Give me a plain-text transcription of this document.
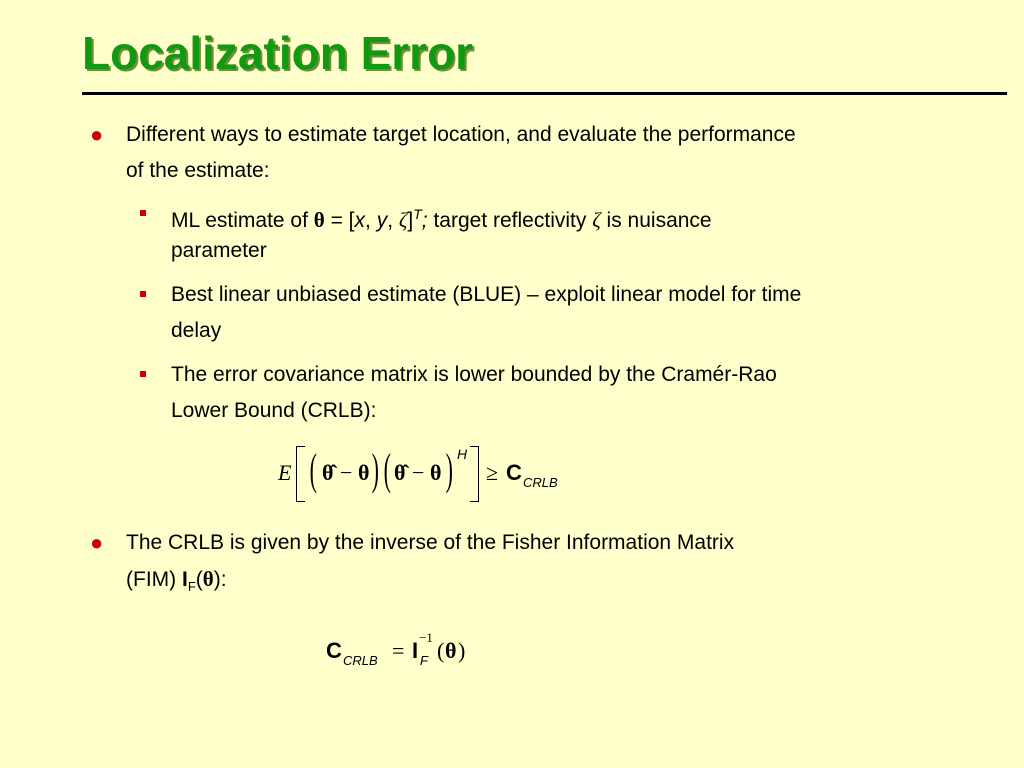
Localization Error
● Different ways to estimate target location, and evaluate the performance
of the estimate:
ML estimate of θ = [x, y, ζ]$^T$; target reflectivity ζ is nuisance
parameter
Best linear unbiased estimate (BLUE) – exploit linear model for time
delay
The error covariance matrix is lower bounded by the Cramér-Rao
Lower Bound (CRLB):
E ( θ̂ − θ ) ( θ̂ − θ ) H
≥ C CRLB
● The CRLB is given by the inverse of the Fisher Information Matrix
(FIM) $I_F(\theta)$:
C CRLB = I
−1
F ( θ )
